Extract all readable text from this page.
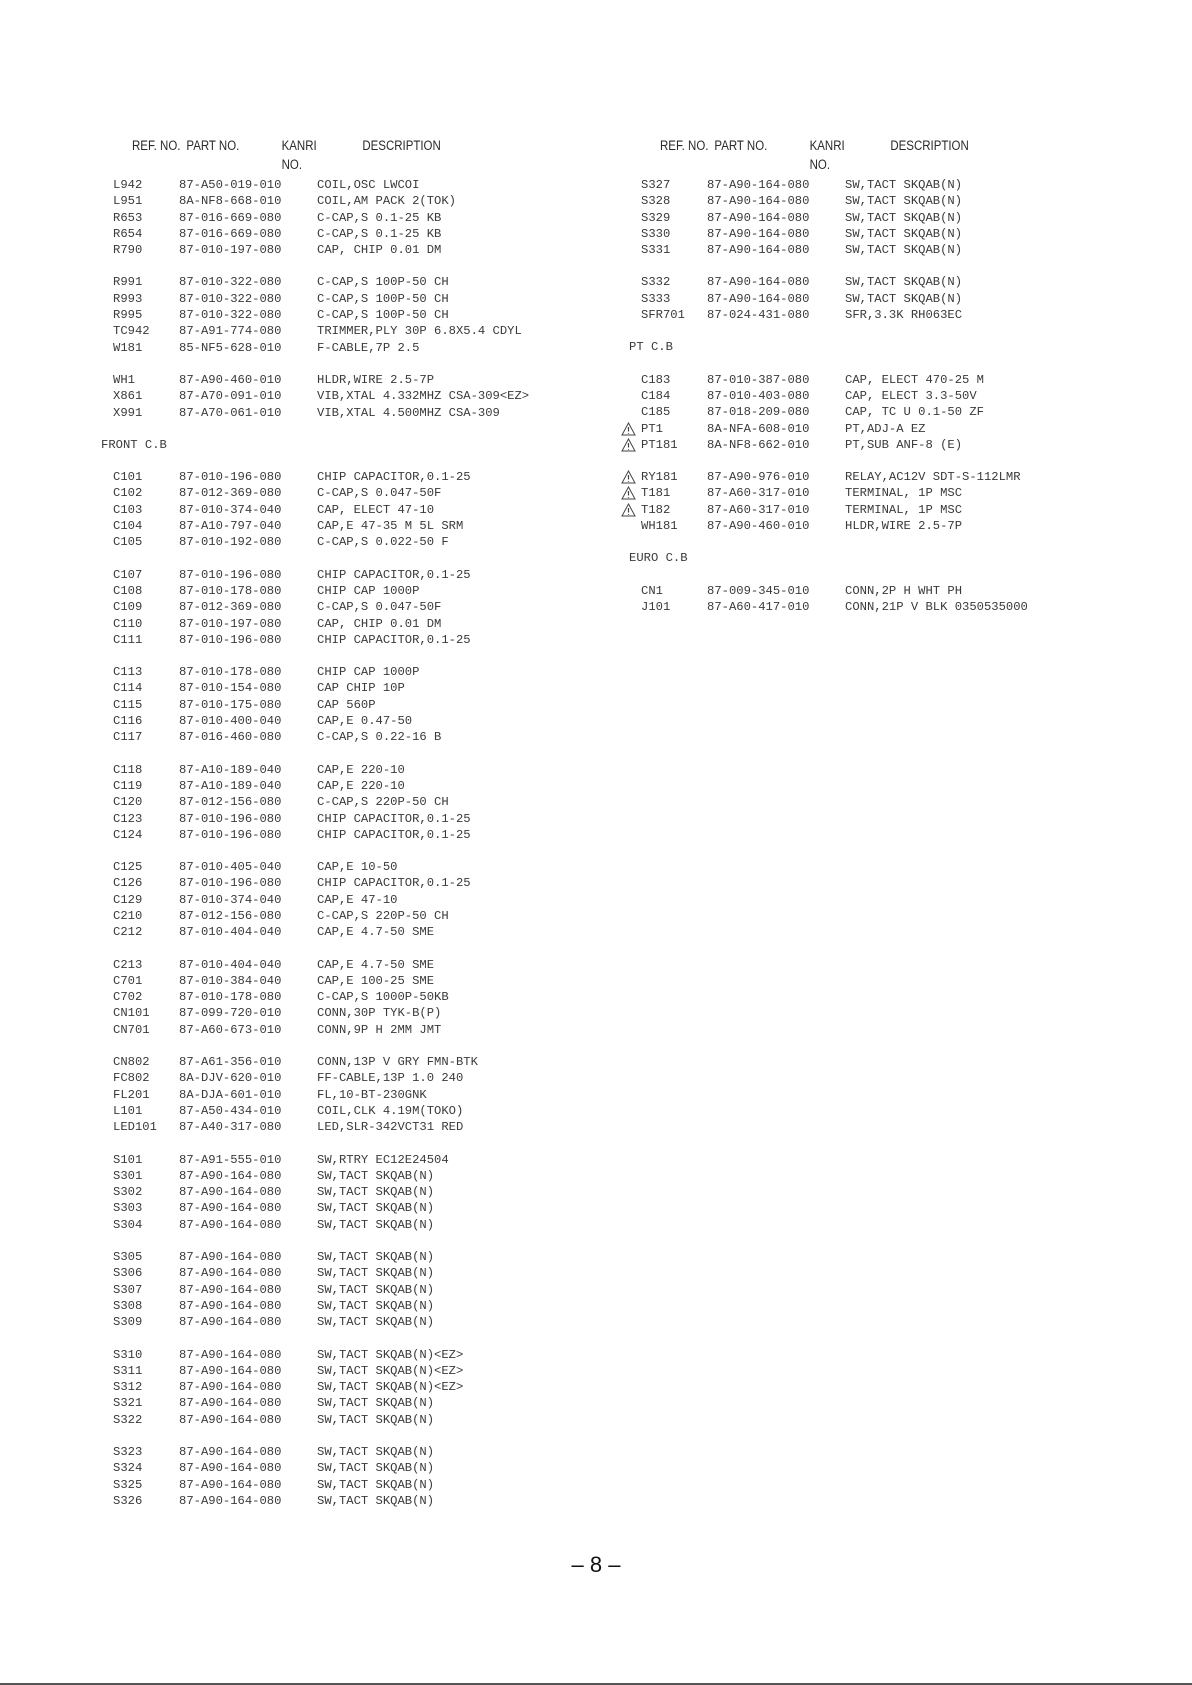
REF. NO. PART NO.	KANRI
NO.
DESCRIPTION	REF. NO. PART NO.	KANRI
NO.
DESCRIPTION
L942	87-A50-019-010	COIL,OSC LWCOI
L951	8A-NF8-668-010	COIL,AM PACK 2(TOK)
R653	87-016-669-080	C-CAP,S 0.1-25 KB
R654	87-016-669-080	C-CAP,S 0.1-25 KB
R790	87-010-197-080	CAP, CHIP 0.01 DM
R991	87-010-322-080	C-CAP,S 100P-50 CH
R993	87-010-322-080	C-CAP,S 100P-50 CH
R995	87-010-322-080	C-CAP,S 100P-50 CH
TC942 87-A91-774-080	TRIMMER,PLY 30P 6.8X5.4 CDYL
W181	85-NF5-628-010	F-CABLE,7P 2.5
WH1	87-A90-460-010	HLDR,WIRE 2.5-7P
X861	87-A70-091-010	VIB,XTAL 4.332MHZ CSA-309<EZ>
X991	87-A70-061-010	VIB,XTAL 4.500MHZ CSA-309
FRONT C.B
C101	87-010-196-080	CHIP CAPACITOR,0.1-25
C102	87-012-369-080	C-CAP,S 0.047-50F
C103	87-010-374-040	CAP, ELECT 47-10
C104	87-A10-797-040	CAP,E 47-35 M 5L SRM
C105	87-010-192-080	C-CAP,S 0.022-50 F
C107	87-010-196-080	CHIP CAPACITOR,0.1-25
C108	87-010-178-080	CHIP CAP 1000P
C109	87-012-369-080	C-CAP,S 0.047-50F
C110	87-010-197-080	CAP, CHIP 0.01 DM
C111	87-010-196-080	CHIP CAPACITOR,0.1-25
C113	87-010-178-080	CHIP CAP 1000P
C114	87-010-154-080	CAP CHIP 10P
C115	87-010-175-080	CAP 560P
C116	87-010-400-040	CAP,E 0.47-50
C117	87-016-460-080	C-CAP,S 0.22-16 B
C118	87-A10-189-040	CAP,E 220-10
C119	87-A10-189-040	CAP,E 220-10
C120	87-012-156-080	C-CAP,S 220P-50 CH
C123	87-010-196-080	CHIP CAPACITOR,0.1-25
C124	87-010-196-080	CHIP CAPACITOR,0.1-25
C125	87-010-405-040	CAP,E 10-50
C126	87-010-196-080	CHIP CAPACITOR,0.1-25
C129	87-010-374-040	CAP,E 47-10
C210	87-012-156-080	C-CAP,S 220P-50 CH
C212	87-010-404-040	CAP,E 4.7-50 SME
C213	87-010-404-040	CAP,E 4.7-50 SME
C701	87-010-384-040	CAP,E 100-25 SME
C702	87-010-178-080	C-CAP,S 1000P-50KB
CN101 87-099-720-010	CONN,30P TYK-B(P)
CN701 87-A60-673-010	CONN,9P H 2MM JMT
CN802 87-A61-356-010	CONN,13P V GRY FMN-BTK
FC802 8A-DJV-620-010	FF-CABLE,13P 1.0 240
FL201 8A-DJA-601-010	FL,10-BT-230GNK
L101	87-A50-434-010	COIL,CLK 4.19M(TOKO)
LED101 87-A40-317-080	LED,SLR-342VCT31 RED
S101	87-A91-555-010	SW,RTRY EC12E24504
S301	87-A90-164-080	SW,TACT SKQAB(N)
S302	87-A90-164-080	SW,TACT SKQAB(N)
S303	87-A90-164-080	SW,TACT SKQAB(N)
S304	87-A90-164-080	SW,TACT SKQAB(N)
S305	87-A90-164-080	SW,TACT SKQAB(N)
S306	87-A90-164-080	SW,TACT SKQAB(N)
S307	87-A90-164-080	SW,TACT SKQAB(N)
S308	87-A90-164-080	SW,TACT SKQAB(N)
S309	87-A90-164-080	SW,TACT SKQAB(N)
S310	87-A90-164-080	SW,TACT SKQAB(N)<EZ>
S311	87-A90-164-080	SW,TACT SKQAB(N)<EZ>
S312	87-A90-164-080	SW,TACT SKQAB(N)<EZ>
S321	87-A90-164-080	SW,TACT SKQAB(N)
S322	87-A90-164-080	SW,TACT SKQAB(N)
S323	87-A90-164-080	SW,TACT SKQAB(N)
S324	87-A90-164-080	SW,TACT SKQAB(N)
S325	87-A90-164-080	SW,TACT SKQAB(N)
S326	87-A90-164-080	SW,TACT SKQAB(N)
S327	87-A90-164-080	SW,TACT SKQAB(N)
S328	87-A90-164-080	SW,TACT SKQAB(N)
S329	87-A90-164-080	SW,TACT SKQAB(N)
S330	87-A90-164-080	SW,TACT SKQAB(N)
S331	87-A90-164-080	SW,TACT SKQAB(N)
S332	87-A90-164-080	SW,TACT SKQAB(N)
S333	87-A90-164-080	SW,TACT SKQAB(N)
SFR701 87-024-431-080	SFR,3.3K RH063EC
PT C.B
C183	87-010-387-080	CAP, ELECT 470-25 M
C184	87-010-403-080	CAP, ELECT 3.3-50V
C185	87-018-209-080	CAP, TC U 0.1-50 ZF
PT1	8A-NFA-608-010	PT,ADJ-A EZ
PT181 8A-NF8-662-010	PT,SUB ANF-8 (E)
RY181 87-A90-976-010	RELAY,AC12V SDT-S-112LMR
T181	87-A60-317-010	TERMINAL, 1P MSC
T182	87-A60-317-010	TERMINAL, 1P MSC
WH181 87-A90-460-010	HLDR,WIRE 2.5-7P
EURO C.B
CN1	87-009-345-010	CONN,2P H WHT PH
J101	87-A60-417-010	CONN,21P V BLK 0350535000
– 8 –
